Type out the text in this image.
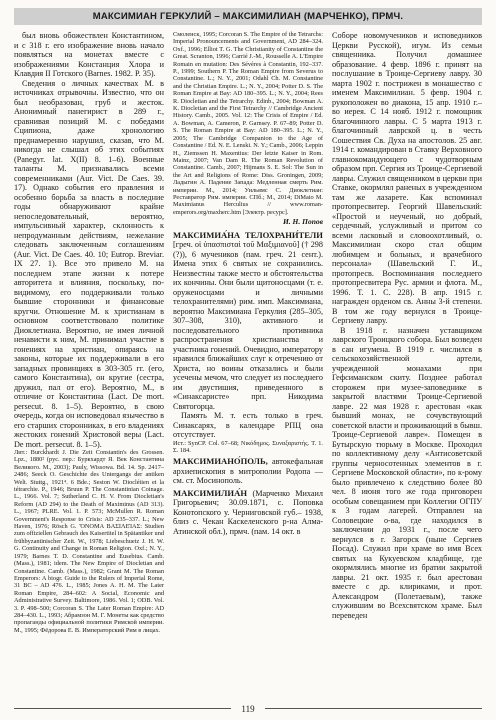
МАКСИМИАН ГЕРКУЛИЙ – МАКСИМИЛИАН (МАРЧЕНКО), ПРМЧ.

был вновь обожествлен Константином, и с 318 г. его изображение вновь начало появляться на монетах вместе с изображениями Констанция Хлора и Клавдия II Готского (Barnes. 1982. P. 35).

Сведения о личных качествах М. в источниках отрывочны. Известно, что он был необразован, груб и жесток. Анонимный панегирист в 289 г., сравнивая позиций М. с победами Сципиона, даже хронологию преднамеренно нарушил, сказав, что М. никогда не слышал об этих событиях (Panegyr. lat. X(II) 8. 1–6). Военные таланты М. признавались всеми современниками (Aur. Vict. De Caes. 39. 17). Однако события его правления и особенно борьба за власть в последние годы обнаруживают крайне непоследовательный, вероятно, импульсивный характер, склонность к непродуманным действиям, нежелание следовать заключенным соглашениям (Aur. Vict. De Caes. 40. 10; Eutrop. Breviar. IX 27. 1). Все это привело М. на последнем этапе жизни к потере авторитета и влияния, поскольку, по-видимому, его поддерживали только бывшие сторонники и финансовые кругчи. Отношение М. к христианам в основном соответствовало политике Диоклетиана. Вероятно, не имея личной ненависти к ним, М. принимал участие в гонениях на христиан, опираясь на законы, которые их поддерживали в его западных провинциях в 303-305 гг. (его, самого Константина), он кругие (сестра, дружил, пал от его). Вероятно, М., в отличие от Константина (Lact. De mort. persecut. 8. 1–5). Вероятно, в свою очередь, когда он исповедовал язычество в его старших сторонниках, в его владениях жестоких гонений Христовой веры (Lact. De mort. persecut. 8. 1–5).

Лит.: Burckhardt J. Die Zeit Constantin's des Grossen. Lpz., 1880² (рус. пер.: Буркхардт Я. Век Константина Великого. М., 2003); Pauly, Wissowa. Bd. 14. Sp. 2417–2486; Seeck O. Geschichte des Untergangs der antiken Welt. Stuttg., 1921⁴. 6 Bde.; Seston W. Dioclétien et la tétrarchie. P., 1946; Bruun P. The Constantinian Coinage. L., 1966. Vol. 7; Sutherland C. H. V. From Diocletian's Reform (AD 294) to the Death of Maximinus (AD 313). L., 1967; PLRE. Vol. 1. P. 573; McMullen R. Roman Government's Response to Crisis: AD 235–337. L.; New Haven, 1976; Rösch G. ὌΝΟΜΑ ΒΑΣΙΛΕΊΑΣ: Studien zum offiziellen Gebrauch des Kaisertitel in Spätantiker und frühbyzantinischer Zeit. W., 1978; Liebeschuetz J. H. W. G. Continuity and Change in Roman Religion. Oxf.; N. Y., 1979; Barnes T. D. Constantine and Eusebius. Camb. (Mass.), 1981; idem. The New Empire of Diocletian and Constantine. Camb. (Mass.), 1982; Grant M. The Roman Emperors: A biogr. Guide to the Rulers of Imperial Rome, 31 BC – AD 476. L., 1985; Jones A. H. M. The Later Roman Empire, 284–602: A Social, Economic and Administrative Survey. Baltimore, 1986. Vol. 1; ODB. Vol. 3. P. 498–500; Corcoran S. The Later Roman Empire: AD 284–430. L., 1993; Абрамзон М. Г. Монеты как средство пропаганды официальной политики Римской империи. М., 1995; Фёдорова Е. В. Императорский Рим в лицах.

Смоленск, 1995; Corcoran S. The Empire of the Tetrarchs: Imperial Pronouncements and Government, AD 284–324. Oxf., 1996; Elliot T. G. The Christianity of Constantine the Great. Scranton, 1996; Carrié J.-M., Rousselle A. L'Empire Romain en mutation: Des Sévères à Constantin, 192–337. P., 1999; Southern P. The Roman Empire from Severus to Constantine. L.; N. Y., 2001; Odahl Ch. M. Constantine and the Christian Empire. L.; N. Y., 2004; Potter D. S. The Roman Empire at Bay: AD 180–395. L.; N. Y., 2004; Rees R. Diocletian and the Tetrarchy. Edinb., 2004; Bowman A. K. Diocletian and the First Tetrarchy // Cambridge Ancient History. Camb., 2005. Vol. 12: The Crisis of Empire / Ed. A. Bowman, A. Cameron, P. Garnsey. P. 67–89; Potter D. S. The Roman Empire at Bay: AD 180–395. L.; N. Y., 2005; The Cambridge Companion to the Age of Constantine / Ed. N. E. Lenski. N. Y.; Camb., 2006; Leppin H., Ziemssen H. Maxentius: Der letzte Kaiser in Rom. Mainz, 2007; Van Dam R. The Roman Revolution of Constantine. Camb., 2007; Hijmans S. E. Sol: The Sun in the Art and Religions of Rome: Diss. Groningen, 2009; Ладыгин А. Падение Запада: Медленная смерть Рим. империи. М., 2014; Уильямс С. Диоклетиан: Реставратор Рим. империи. СПб.; М., 2014; DiMaio M. Maximianus Herculius // www.roman-emperors.org/maxherc.htm [Электр. ресурс].

И. Н. Попов

МАКСИМИА́НА ТЕЛОХРАНИ́ТЕЛИ [греч. οἱ ὑπασπισταὶ τοῦ Μαξιμιανοῦ] († 298 (?)), 6 мучеников (пам. греч. 21 сент.). Имена этих 6 святых не сохранились. Неизвестны также место и обстоятельства их кончины. Они были щитоносцами (т. е. оруженосцами и личными телохранителями) рим. имп. Максимиана, вероятно Максимиана Геркулия (285–305, 307–308, 310), активного и последовательного противника распространения христианства и участника гонений. Очевидно, императору нравился ближайших слуг к отречению от Христа, но воины отказались и были усечены мечом, что следует из последнего им двустишия, приведенного в «Синаксаристе» прп. Никодима Святогорца.

Память М. т. есть только в греч. Синаксарях, в календаре РПЦ она отсутствует.

Ист.: SynCP. Col. 67–68; Νικόδημος. Συναξαριστής. Τ. 1. Σ. 184.

МАКСИМИАНО́ПОЛЬ, автокефальная архиепископия в митрополии Родопа — см. ст. Мосинополь.

МАКСИМИЛИА́Н (Марченко Михаил Григорьевич; 30.09.1871, с. Поповка Конотопского у. Черниговской губ.– 1938, близ с. Чекан Каскеленского р-на Алма-Атинской обл.), прмч. (пам. 14 окт. в

Соборе новомучеников и исповедников Церкви Русской), игум. Из семьи священника. Получил домашнее образование. 4 февр. 1896 г. принят на послушание в Троице-Сергиеву лавру. 30 марта 1902 г. пострижен в монашество с именем Максимилиан. 5 февр. 1904 г. рукоположен во диакона, 15 апр. 1910 г.– во иерея. С 14 нояб. 1912 г. помощник благочинного лавры. С 5 марта 1913 г. благочинный лаврской ц. в честь Сошествия Св. Духа на апостолов. 25 авг. 1914 г. командирован в Ставку Верховного главнокомандующего с чудотворным образом прп. Сергия из Троице-Сергиевой лавры. Служил священником в церкви при Ставке, окормлял раненых в учрежденном там же лазарете. Как вспоминал протопресвитер. Георгий Шавельский: «Простой и неученый, но добрый, сердечный, услужливый и притом со всеми ласковый и словоохотливый, о. Максимилиан скоро стал общим любимцем и больных, и врачебного персонала» (Шавельский Г. И., протопресв. Воспоминания последнего протопресвитера Рус. армии и флота. М., 1996. Т. 1. С. 228). В апр. 1915 г. награжден орденом св. Анны 3-й степени. В том же году вернулся в Троице-Сергиеву лавру.

В 1918 г. назначен уставщиком лаврского Троицкого собора. Был возведен в сан игумена. В 1919 г. числился в сельскохозяйственной артели, учрежденной монахами при Гефсиманском скиту. Позднее работал сторожем при музее-заповеднике в закрытой властями Троице-Сергиевой лавре. 22 мая 1928 г. арестован «как бывший монах, не сочувствующий советской власти и проживающий в бывш. Троице-Сергиевой лавре». Помещен в Бутырскую тюрьму в Москве. Проходил по коллективному делу «Антисоветской группы черносотенных элементов в г. Сергиеве Московской области», по к-рому было привлечено к следствию более 80 чел. 8 июня того же года приговорен особым совещанием при Коллегии ОГПУ к 3 годам лагерей. Отправлен на Соловецкие о-ва, где находился в заключении до 1931 г., после чего вернулся в г. Загорск (ныне Сергиев Посад). Служил при храме во имя Всех святых на Кукуевском кладбище, где окормлялись многие из братии закрытой лавры. 21 окт. 1935 г. был арестован вместе с др. клириками, и прот. Александром (Полетаевым), также служившим во Всехсвятском храме. Был переведен

119
